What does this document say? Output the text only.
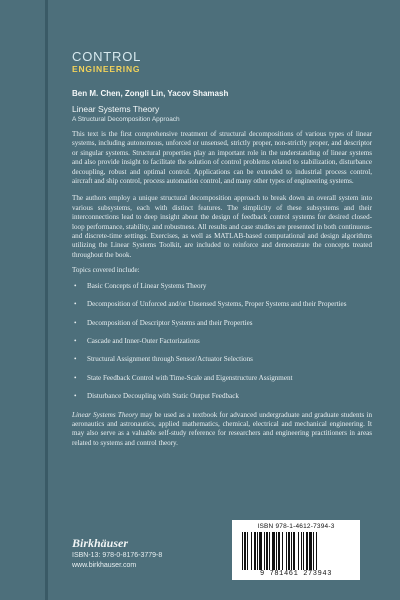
CONTROL
ENGINEERING
Ben M. Chen, Zongli Lin, Yacov Shamash
Linear Systems Theory
A Structural Decomposition Approach

This text is the first comprehensive treatment of structural decompositions of various types of linear systems, including autonomous, unforced or unsensed, strictly proper, non-strictly proper, and descriptor or singular systems. Structural properties play an important role in the understanding of linear systems and also provide insight to facilitate the solution of control problems related to stabilization, disturbance decoupling, robust and optimal control. Applications can be extended to industrial process control, aircraft and ship control, process automation control, and many other types of engineering systems.

The authors employ a unique structural decomposition approach to break down an overall system into various subsystems, each with distinct features. The simplicity of these subsystems and their interconnections lead to deep insight about the design of feedback control systems for desired closed-loop performance, stability, and robustness. All results and case studies are presented in both continuous- and discrete-time settings. Exercises, as well as MATLAB-based computational and design algorithms utilizing the Linear Systems Toolkit, are included to reinforce and demonstrate the concepts treated throughout the book.

Topics covered include:

• Basic Concepts of Linear Systems Theory
• Decomposition of Unforced and/or Unsensed Systems, Proper Systems and their Properties
• Decomposition of Descriptor Systems and their Properties
• Cascade and Inner-Outer Factorizations
• Structural Assignment through Sensor/Actuator Selections
• State Feedback Control with Time-Scale and Eigenstructure Assignment
• Disturbance Decoupling with Static Output Feedback

Linear Systems Theory may be used as a textbook for advanced undergraduate and graduate students in aeronautics and astronautics, applied mathematics, chemical, electrical and mechanical engineering. It may also serve as a valuable self-study reference for researchers and engineering practitioners in areas related to systems and control theory.

Birkhäuser
ISBN-13: 978-0-8176-3779-8
www.birkhauser.com
ISBN 978-1-4612-7394-3
9 781461 273943
